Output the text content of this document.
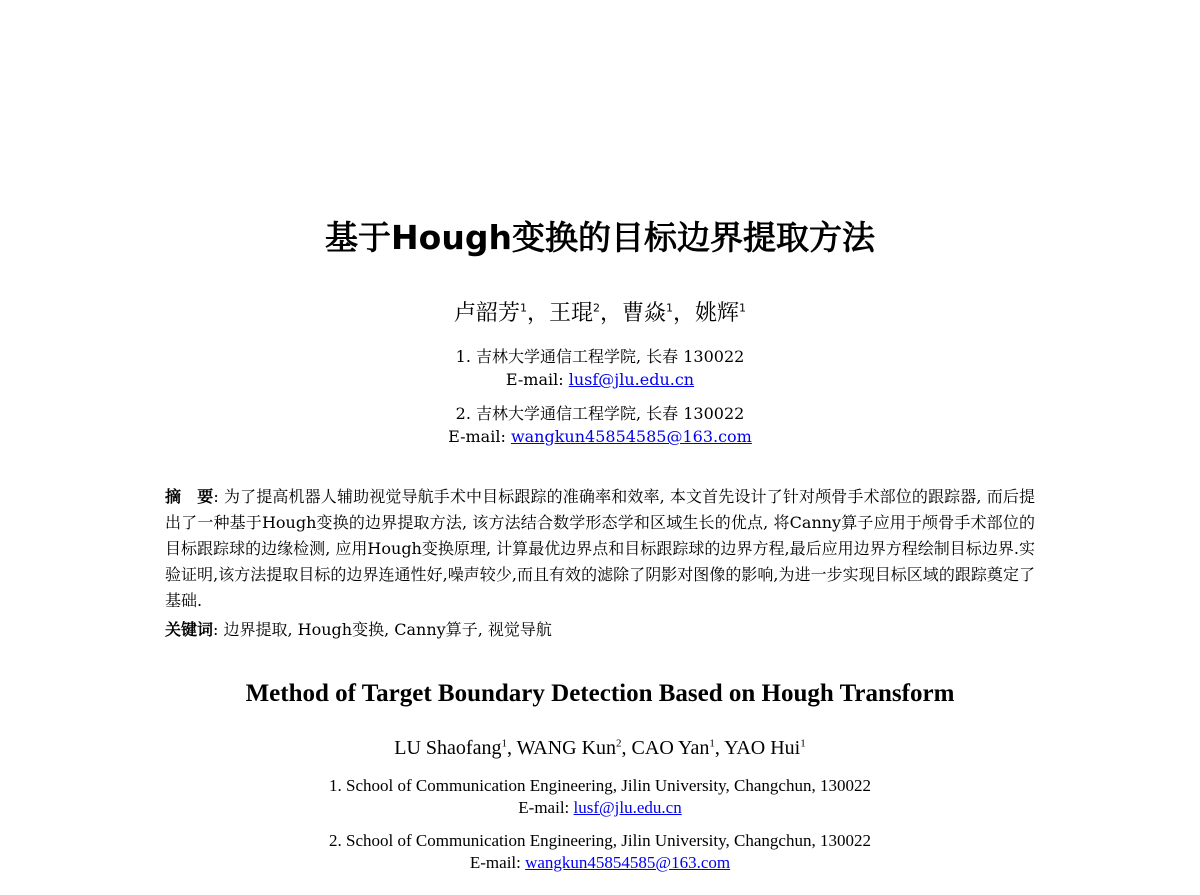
基于Hough变换的目标边界提取方法
卢韶芳$^1$，王琨$^2$，曹焱$^1$，姚辉$^1$
1. 吉林大学通信工程学院, 长春 130022
E-mail: lusf@jlu.edu.cn
2. 吉林大学通信工程学院, 长春 130022
E-mail: wangkun45854585@163.com
摘　要: 为了提高机器人辅助视觉导航手术中目标跟踪的准确率和效率, 本文首先设计了针对颅骨手术部位的跟踪器, 而后提出了一种基于Hough变换的边界提取方法, 该方法结合数学形态学和区域生长的优点, 将Canny算子应用于颅骨手术部位的目标跟踪球的边缘检测, 应用Hough变换原理, 计算最优边界点和目标跟踪球的边界方程,最后应用边界方程绘制目标边界.实验证明,该方法提取目标的边界连通性好,噪声较少,而且有效的滤除了阴影对图像的影响,为进一步实现目标区域的跟踪奠定了基础.
关键词: 边界提取, Hough变换, Canny算子, 视觉导航
Method of Target Boundary Detection Based on Hough Transform
LU Shaofang$^1$, WANG Kun$^2$, CAO Yan$^1$, YAO Hui$^1$
1. School of Communication Engineering, Jilin University, Changchun, 130022
E-mail: lusf@jlu.edu.cn
2. School of Communication Engineering, Jilin University, Changchun, 130022
E-mail: wangkun45854585@163.com
